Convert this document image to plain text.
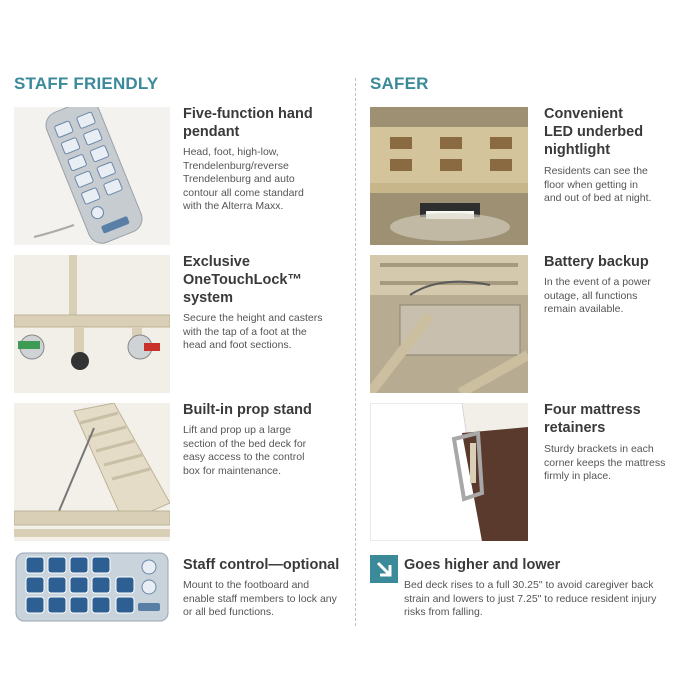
STAFF FRIENDLY	SAFER
Five-function hand
pendant
Head, foot, high-low,
Trendelenburg/reverse
Trendelenburg and auto
contour all come standard
with the Alterra Maxx.
Exclusive
OneTouchLock™
system
Secure the height and casters
with the tap of a foot at the
head and foot sections.
Built-in prop stand
Lift and prop up a large
section of the bed deck for
easy access to the control
box for maintenance.
Staff control—optional
Mount to the footboard and
enable staff members to lock any
or all bed functions.
Convenient
LED underbed
nightlight
Residents can see the
floor when getting in
and out of bed at night.
Battery backup
In the event of a power
outage, all functions
remain available.
Four mattress
retainers
Sturdy brackets in each
corner keeps the mattress
firmly in place.
Goes higher and lower
Bed deck rises to a full 30.25" to avoid caregiver back
strain and lowers to just 7.25" to reduce resident injury
risks from falling.
